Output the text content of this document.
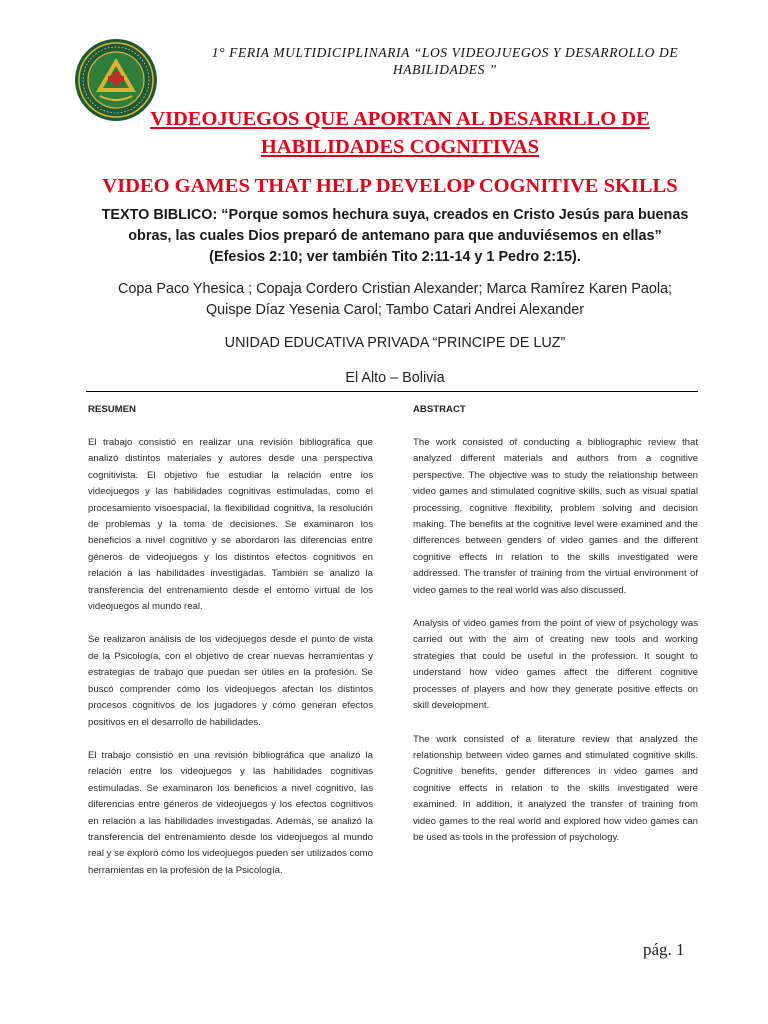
1° FERIA MULTIDICIPLINARIA “LOS VIDEOJUEGOS Y DESARROLLO DE HABILIDADES ”
VIDEOJUEGOS QUE APORTAN AL DESARRLLO DE HABILIDADES COGNITIVAS
VIDEO GAMES THAT HELP DEVELOP COGNITIVE SKILLS
TEXTO BIBLICO: “Porque somos hechura suya, creados en Cristo Jesús para buenas obras, las cuales Dios preparó de antemano para que anduviésemos en ellas” (Efesios 2:10; ver también Tito 2:11-14 y 1 Pedro 2:15).
Copa Paco Yhesica ; Copaja Cordero Cristian Alexander; Marca Ramírez Karen Paola;
Quispe Díaz Yesenia Carol; Tambo Catari Andrei Alexander
UNIDAD EDUCATIVA PRIVADA “PRINCIPE DE LUZ”
El Alto – Bolivia
RESUMEN

El trabajo consistió en realizar una revisión bibliográfica que analizó distintos materiales y autores desde una perspectiva cognitivista. El objetivo fue estudiar la relación entre los videojuegos y las habilidades cognitivas estimuladas, como el procesamiento visoespacial, la flexibilidad cognitiva, la resolución de problemas y la toma de decisiones. Se examinaron los beneficios a nivel cognitivo y se abordaron las diferencias entre géneros de videojuegos y los distintos efectos cognitivos en relación a las habilidades investigadas. También se analizó la transferencia del entrenamiento desde el entorno virtual de los videojuegos al mundo real.

Se realizaron análisis de los videojuegos desde el punto de vista de la Psicología, con el objetivo de crear nuevas herramientas y estrategias de trabajo que puedan ser útiles en la profesión. Se buscó comprender cómo los videojuegos afectan los distintos procesos cognitivos de los jugadores y cómo generan efectos positivos en el desarrollo de habilidades.

El trabajo consistió en una revisión bibliográfica que analizó la relación entre los videojuegos y las habilidades cognitivas estimuladas. Se examinaron los beneficios a nivel cognitivo, las diferencias entre géneros de videojuegos y los efectos cognitivos en relación a las habilidades investigadas. Además, se analizó la transferencia del entrenamiento desde los videojuegos al mundo real y se exploró cómo los videojuegos pueden ser utilizados como herramientas en la profesión de la Psicología.

ABSTRACT

The work consisted of conducting a bibliographic review that analyzed different materials and authors from a cognitive perspective. The objective was to study the relationship between video games and stimulated cognitive skills, such as visual spatial processing, cognitive flexibility, problem solving and decision making. The benefits at the cognitive level were examined and the differences between genders of video games and the different cognitive effects in relation to the skills investigated were addressed. The transfer of training from the virtual environment of video games to the real world was also discussed.

Analysis of video games from the point of view of psychology was carried out with the aim of creating new tools and working strategies that could be useful in the profession. It sought to understand how video games affect the different cognitive processes of players and how they generate positive effects on skill development.

The work consisted of a literature review that analyzed the relationship between video games and stimulated cognitive skills. Cognitive benefits, gender differences in video games and cognitive effects in relation to the skills investigated were examined. In addition, it analyzed the transfer of training from video games to the real world and explored how video games can be used as tools in the profession of psychology.

pág. 1
